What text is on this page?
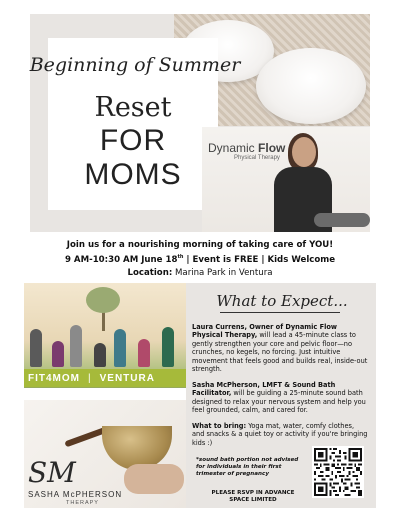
Beginning of Summer
Reset
FOR
MOMS
Dynamic Flow
Physical Therapy
Join us for a nourishing morning of taking care of YOU!
9 AM-10:30 AM June 18th | Event is FREE | Kids Welcome
Location: Marina Park in Ventura
FIT4MOM | VENTURA
SM
SASHA McPHERSON
THERAPY
What to Expect...
Laura Currens, Owner of Dynamic Flow Physical Therapy, will lead a 45-minute class to gently strengthen your core and pelvic floor—no crunches, no kegels, no forcing. Just intuitive movement that feels good and builds real, inside-out strength.
Sasha McPherson, LMFT & Sound Bath Facilitator, will be guiding a 25-minute sound bath designed to relax your nervous system and help you feel grounded, calm, and cared for.
What to bring: Yoga mat, water, comfy clothes, and snacks & a quiet toy or activity if you're bringing kids :)
*sound bath portion not advised for individuals in their first trimester of pregnancy
PLEASE RSVP IN ADVANCE
SPACE LIMITED
